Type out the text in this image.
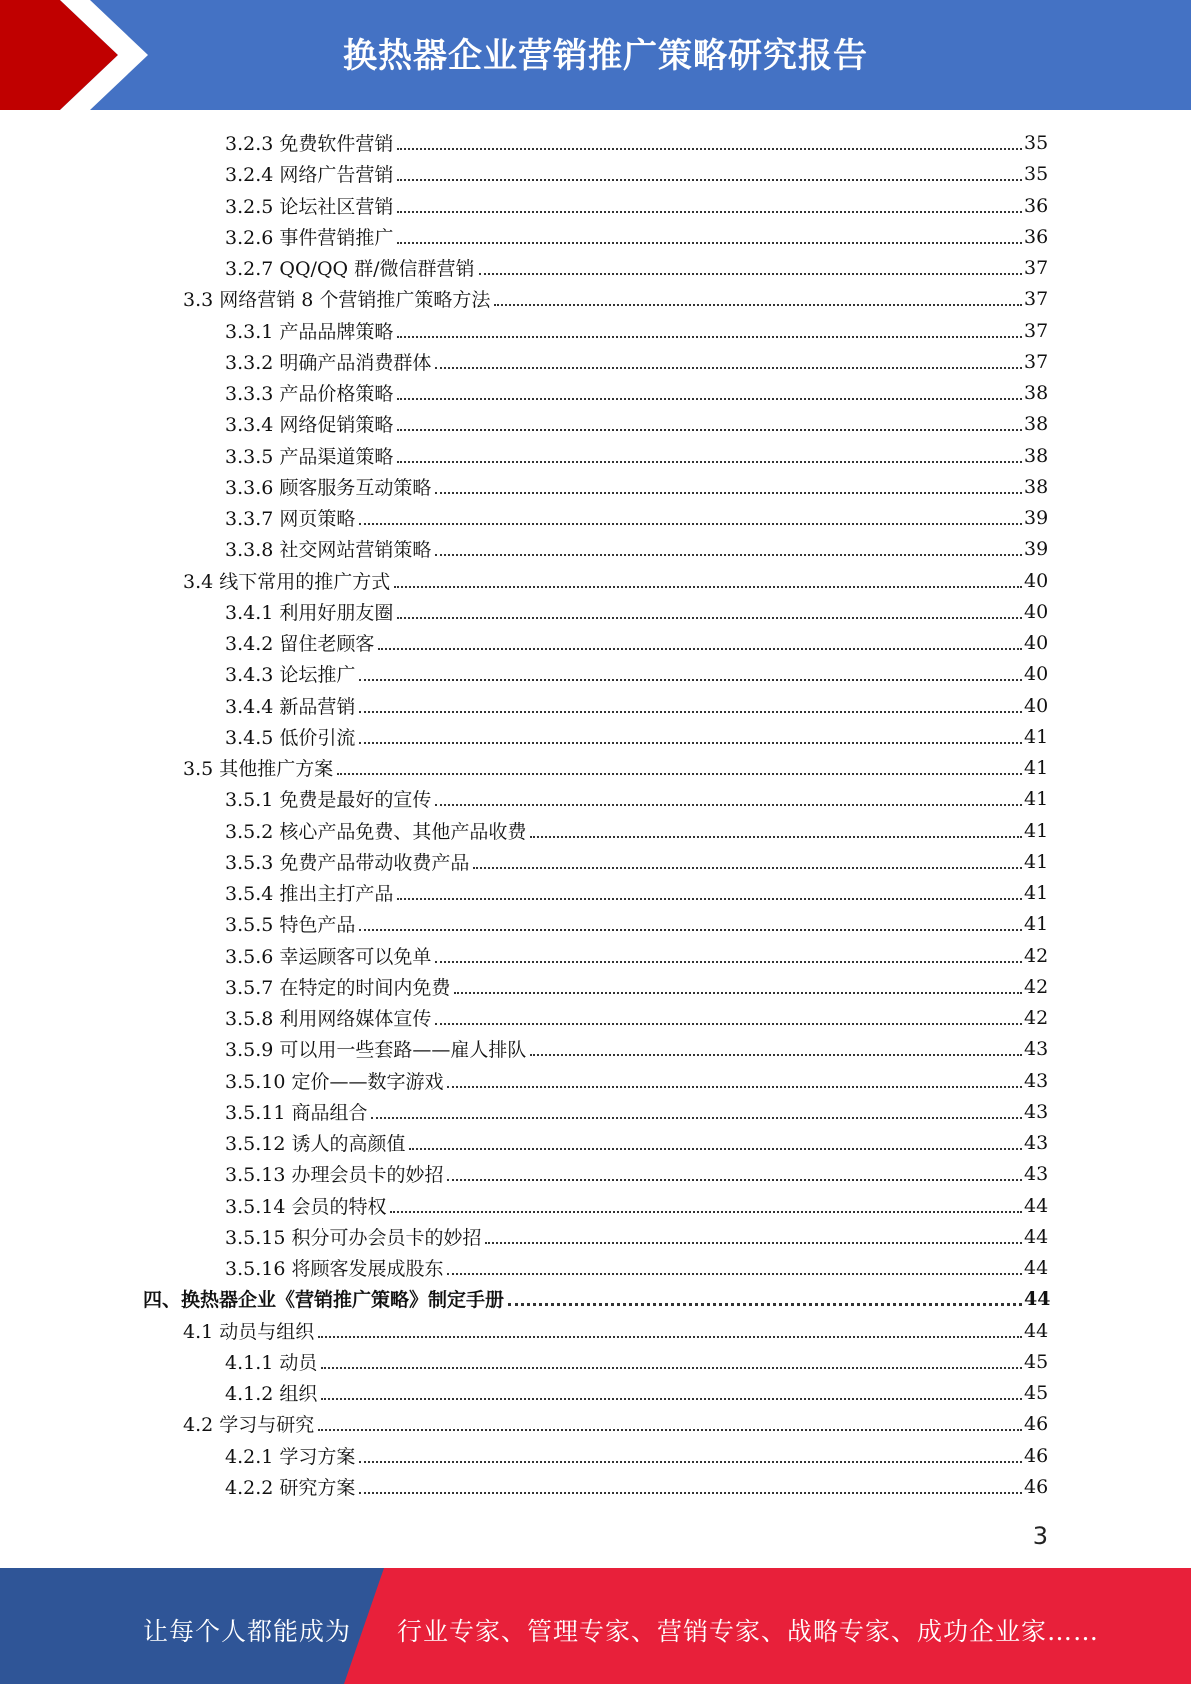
换热器企业营销推广策略研究报告
3.2.3 免费软件营销	35
3.2.4 网络广告营销	35
3.2.5 论坛社区营销	36
3.2.6 事件营销推广	36
3.2.7 QQ/QQ 群/微信群营销	37
3.3 网络营销 8 个营销推广策略方法	37
3.3.1 产品品牌策略	37
3.3.2 明确产品消费群体	37
3.3.3 产品价格策略	38
3.3.4 网络促销策略	38
3.3.5 产品渠道策略	38
3.3.6 顾客服务互动策略	38
3.3.7 网页策略	39
3.3.8 社交网站营销策略	39
3.4 线下常用的推广方式	40
3.4.1 利用好朋友圈	40
3.4.2 留住老顾客	40
3.4.3 论坛推广	40
3.4.4 新品营销	40
3.4.5 低价引流	41
3.5 其他推广方案	41
3.5.1 免费是最好的宣传	41
3.5.2 核心产品免费、其他产品收费	41
3.5.3 免费产品带动收费产品	41
3.5.4 推出主打产品	41
3.5.5 特色产品	41
3.5.6 幸运顾客可以免单	42
3.5.7 在特定的时间内免费	42
3.5.8 利用网络媒体宣传	42
3.5.9 可以用一些套路——雇人排队	43
3.5.10 定价——数字游戏	43
3.5.11 商品组合	43
3.5.12 诱人的高颜值	43
3.5.13 办理会员卡的妙招	43
3.5.14 会员的特权	44
3.5.15 积分可办会员卡的妙招	44
3.5.16 将顾客发展成股东	44
四、换热器企业《营销推广策略》制定手册	44
4.1 动员与组织	44
4.1.1 动员	45
4.1.2 组织	45
4.2 学习与研究	46
4.2.1 学习方案	46
4.2.2 研究方案	46
3
让每个人都能成为 行业专家、管理专家、营销专家、战略专家、成功企业家……
